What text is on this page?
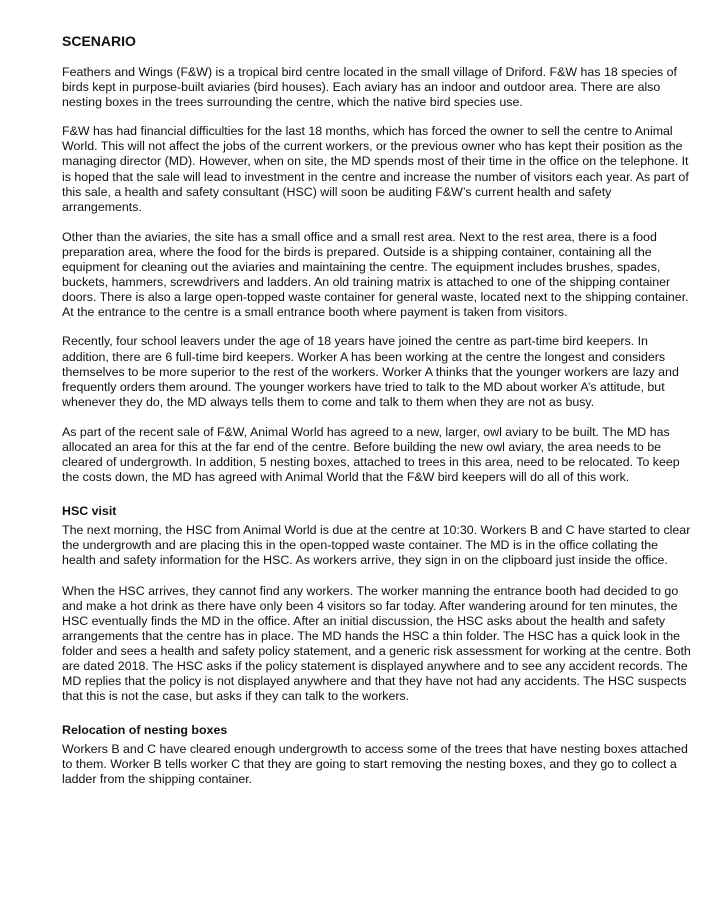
SCENARIO

Feathers and Wings (F&W) is a tropical bird centre located in the small village of Driford. F&W has 18 species of birds kept in purpose-built aviaries (bird houses). Each aviary has an indoor and outdoor area. There are also nesting boxes in the trees surrounding the centre, which the native bird species use.

F&W has had financial difficulties for the last 18 months, which has forced the owner to sell the centre to Animal World. This will not affect the jobs of the current workers, or the previous owner who has kept their position as the managing director (MD). However, when on site, the MD spends most of their time in the office on the telephone. It is hoped that the sale will lead to investment in the centre and increase the number of visitors each year. As part of this sale, a health and safety consultant (HSC) will soon be auditing F&W’s current health and safety arrangements.

Other than the aviaries, the site has a small office and a small rest area. Next to the rest area, there is a food preparation area, where the food for the birds is prepared. Outside is a shipping container, containing all the equipment for cleaning out the aviaries and maintaining the centre. The equipment includes brushes, spades, buckets, hammers, screwdrivers and ladders. An old training matrix is attached to one of the shipping container doors. There is also a large open-topped waste container for general waste, located next to the shipping container. At the entrance to the centre is a small entrance booth where payment is taken from visitors.

Recently, four school leavers under the age of 18 years have joined the centre as part-time bird keepers. In addition, there are 6 full-time bird keepers. Worker A has been working at the centre the longest and considers themselves to be more superior to the rest of the workers. Worker A thinks that the younger workers are lazy and frequently orders them around. The younger workers have tried to talk to the MD about worker A’s attitude, but whenever they do, the MD always tells them to come and talk to them when they are not as busy.

As part of the recent sale of F&W, Animal World has agreed to a new, larger, owl aviary to be built. The MD has allocated an area for this at the far end of the centre. Before building the new owl aviary, the area needs to be cleared of undergrowth. In addition, 5 nesting boxes, attached to trees in this area, need to be relocated. To keep the costs down, the MD has agreed with Animal World that the F&W bird keepers will do all of this work.

HSC visit

The next morning, the HSC from Animal World is due at the centre at 10:30. Workers B and C have started to clear the undergrowth and are placing this in the open-topped waste container. The MD is in the office collating the health and safety information for the HSC. As workers arrive, they sign in on the clipboard just inside the office.

When the HSC arrives, they cannot find any workers. The worker manning the entrance booth had decided to go and make a hot drink as there have only been 4 visitors so far today. After wandering around for ten minutes, the HSC eventually finds the MD in the office. After an initial discussion, the HSC asks about the health and safety arrangements that the centre has in place. The MD hands the HSC a thin folder. The HSC has a quick look in the folder and sees a health and safety policy statement, and a generic risk assessment for working at the centre. Both are dated 2018. The HSC asks if the policy statement is displayed anywhere and to see any accident records. The MD replies that the policy is not displayed anywhere and that they have not had any accidents. The HSC suspects that this is not the case, but asks if they can talk to the workers.

Relocation of nesting boxes

Workers B and C have cleared enough undergrowth to access some of the trees that have nesting boxes attached to them. Worker B tells worker C that they are going to start removing the nesting boxes, and they go to collect a ladder from the shipping container.
